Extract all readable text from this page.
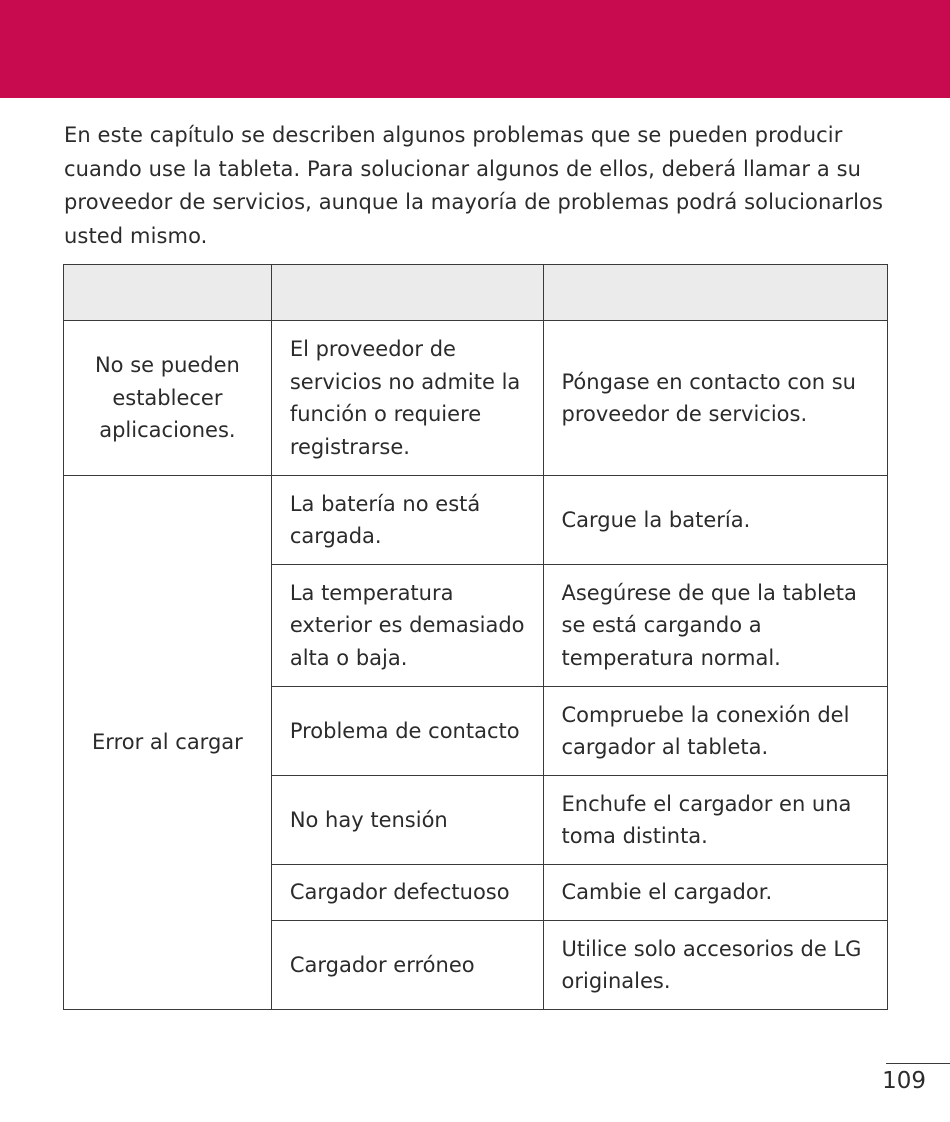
En este capítulo se describen algunos problemas que se pueden producir cuando use la tableta. Para solucionar algunos de ellos, deberá llamar a su proveedor de servicios, aunque la mayoría de problemas podrá solucionarlos usted mismo.

No se pueden establecer aplicaciones.	El proveedor de servicios no admite la función o requiere registrarse.	Póngase en contacto con su proveedor de servicios.
Error al cargar	La batería no está cargada.	Cargue la batería.
	La temperatura exterior es demasiado alta o baja.	Asegúrese de que la tableta se está cargando a temperatura normal.
	Problema de contacto	Compruebe la conexión del cargador al tableta.
	No hay tensión	Enchufe el cargador en una toma distinta.
	Cargador defectuoso	Cambie el cargador.
	Cargador erróneo	Utilice solo accesorios de LG originales.
109
